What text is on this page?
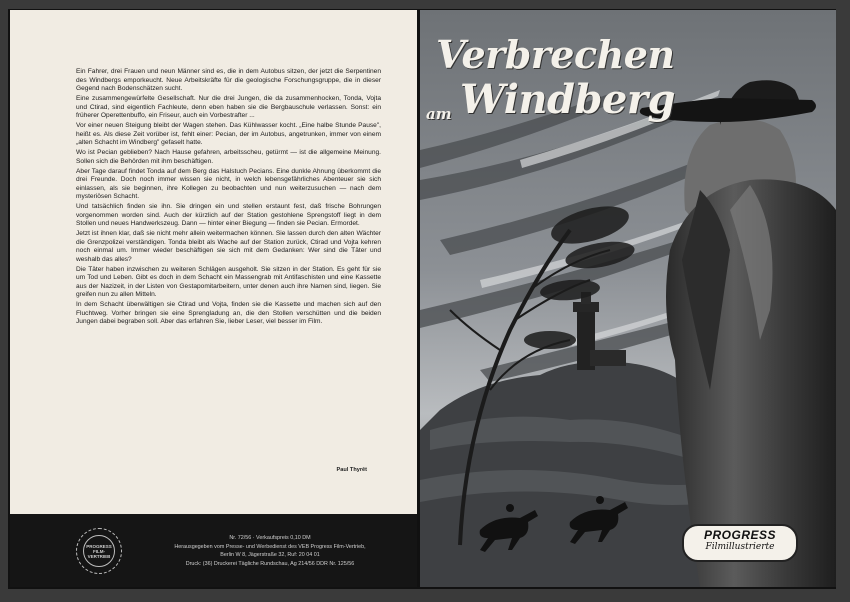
Ein Fahrer, drei Frauen und neun Männer sind es, die in dem Autobus sitzen, der jetzt die Serpentinen des Windbergs emporkeucht. Neue Arbeitskräfte für die geologische Forschungsgruppe, die in dieser Gegend nach Bodenschätzen sucht.

Eine zusammengewürfelte Gesellschaft. Nur die drei Jungen, die da zusammenhocken, Tonda, Vojta und Ctirad, sind eigentlich Fachleute, denn eben haben sie die Bergbauschule verlassen. Sonst: ein früherer Operettenbuffo, ein Friseur, auch ein Vorbestrafter ...

Vor einer neuen Steigung bleibt der Wagen stehen. Das Kühlwasser kocht. „Eine halbe Stunde Pause", heißt es. Als diese Zeit vorüber ist, fehlt einer: Pecian, der im Autobus, angetrunken, immer von einem „alten Schacht im Windberg" gefaselt hatte.

Wo ist Pecian geblieben? Nach Hause gefahren, arbeitsscheu, getürmt — ist die allgemeine Meinung. Sollen sich die Behörden mit ihm beschäftigen.

Aber Tage darauf findet Tonda auf dem Berg das Halstuch Pecians. Eine dunkle Ahnung überkommt die drei Freunde. Doch noch immer wissen sie nicht, in welch lebensgefährliches Abenteuer sie sich einlassen, als sie beginnen, ihre Kollegen zu beobachten und nun weiterzusuchen — nach dem mysteriösen Schacht.

Und tatsächlich finden sie ihn. Sie dringen ein und stellen erstaunt fest, daß frische Bohrungen vorgenommen worden sind. Auch der kürzlich auf der Station gestohlene Sprengstoff liegt in dem Stollen und neues Handwerkszeug. Dann — hinter einer Biegung — finden sie Pecian. Ermordet.

Jetzt ist ihnen klar, daß sie nicht mehr allein weitermachen können. Sie lassen durch den alten Wächter die Grenzpolizei verständigen. Tonda bleibt als Wache auf der Station zurück, Ctirad und Vojta kehren noch einmal um. Immer wieder beschäftigen sie sich mit dem Gedanken: Wer sind die Täter und weshalb das alles?

Die Täter haben inzwischen zu weiteren Schlägen ausgeholt. Sie sitzen in der Station. Es geht für sie um Tod und Leben. Gibt es doch in dem Schacht ein Massengrab mit Antifaschisten und eine Kassette aus der Nazizeit, in der Listen von Gestapomitarbeitern, unter denen auch ihre Namen sind, liegen. Sie greifen nun zu allen Mitteln.

In dem Schacht überwältigen sie Ctirad und Vojta, finden sie die Kassette und machen sich auf den Fluchtweg. Vorher bringen sie eine Sprengladung an, die den Stollen verschütten und die beiden Jungen dabei begraben soll. Aber das erfahren Sie, lieber Leser, viel besser im Film.

Paul Thyrêt
PROGRESS FILM-VERTRIEB
Nr. 72/56 · Verkaufspreis 0,10 DM
Herausgegeben vom Presse- und Werbedienst des VEB Progress Film-Vertrieb,
Berlin W 8, Jägerstraße 32, Ruf: 20 04 01
Druck: (36) Druckerei Tägliche Rundschau, Ag 214/56 DDR Nr. 125/56
Verbrechen
Windberg
am
PROGRESS
Filmillustrierte
